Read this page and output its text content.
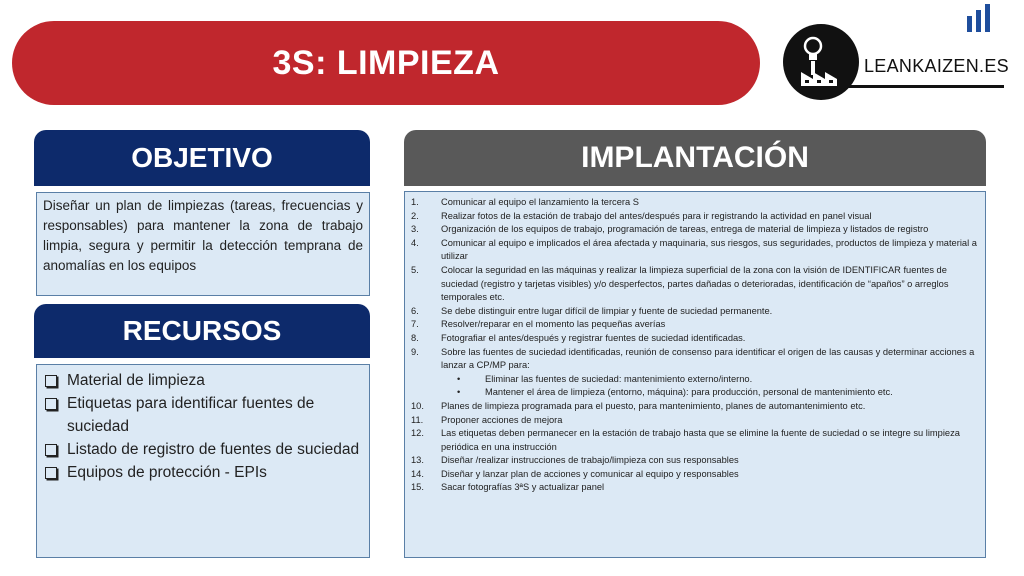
3S: LIMPIEZA	LEANKAIZEN.ES
OBJETIVO
Diseñar un plan de limpiezas (tareas, frecuencias y responsables) para mantener la zona de trabajo limpia, segura y permitir la detección temprana de anomalías en los equipos
RECURSOS
Material de limpieza
Etiquetas para identificar fuentes de suciedad
Listado de registro de fuentes de suciedad
Equipos de protección - EPIs
IMPLANTACIÓN
1.	Comunicar al equipo el lanzamiento la tercera S
2.	Realizar fotos de la estación de trabajo del antes/después para ir registrando la actividad en panel visual
3.	Organización de los equipos de trabajo, programación de tareas, entrega de material de limpieza y listados de registro
4.	Comunicar al equipo e implicados el área afectada y maquinaria, sus riesgos, sus seguridades, productos de limpieza y material a utilizar
5.	Colocar la seguridad en las máquinas y realizar la limpieza superficial de la zona con la visión de IDENTIFICAR fuentes de suciedad (registro y tarjetas visibles) y/o desperfectos, partes dañadas o deterioradas, identificación de “apaños” o arreglos temporales etc.
6.	Se debe distinguir entre lugar difícil de limpiar y fuente de suciedad permanente.
7.	Resolver/reparar en el momento las pequeñas averías
8.	Fotografiar el antes/después y registrar fuentes de suciedad identificadas.
9.	Sobre las fuentes de suciedad identificadas, reunión de consenso para identificar el origen de las causas y determinar acciones a lanzar a CP/MP para:
•	Eliminar las fuentes de suciedad: mantenimiento externo/interno.
•	Mantener el área de limpieza (entorno, máquina): para producción, personal de mantenimiento etc.
10.	Planes de limpieza programada para el puesto, para mantenimiento, planes de automantenimiento etc.
11.	Proponer acciones de mejora
12.	Las etiquetas deben permanecer en la estación de trabajo hasta que se elimine la fuente de suciedad o se integre su limpieza periódica en una instrucción
13.	Diseñar /realizar instrucciones de trabajo/limpieza con sus responsables
14.	Diseñar y lanzar plan de acciones y comunicar al equipo y responsables
15.	Sacar fotografías 3ªS y actualizar panel
